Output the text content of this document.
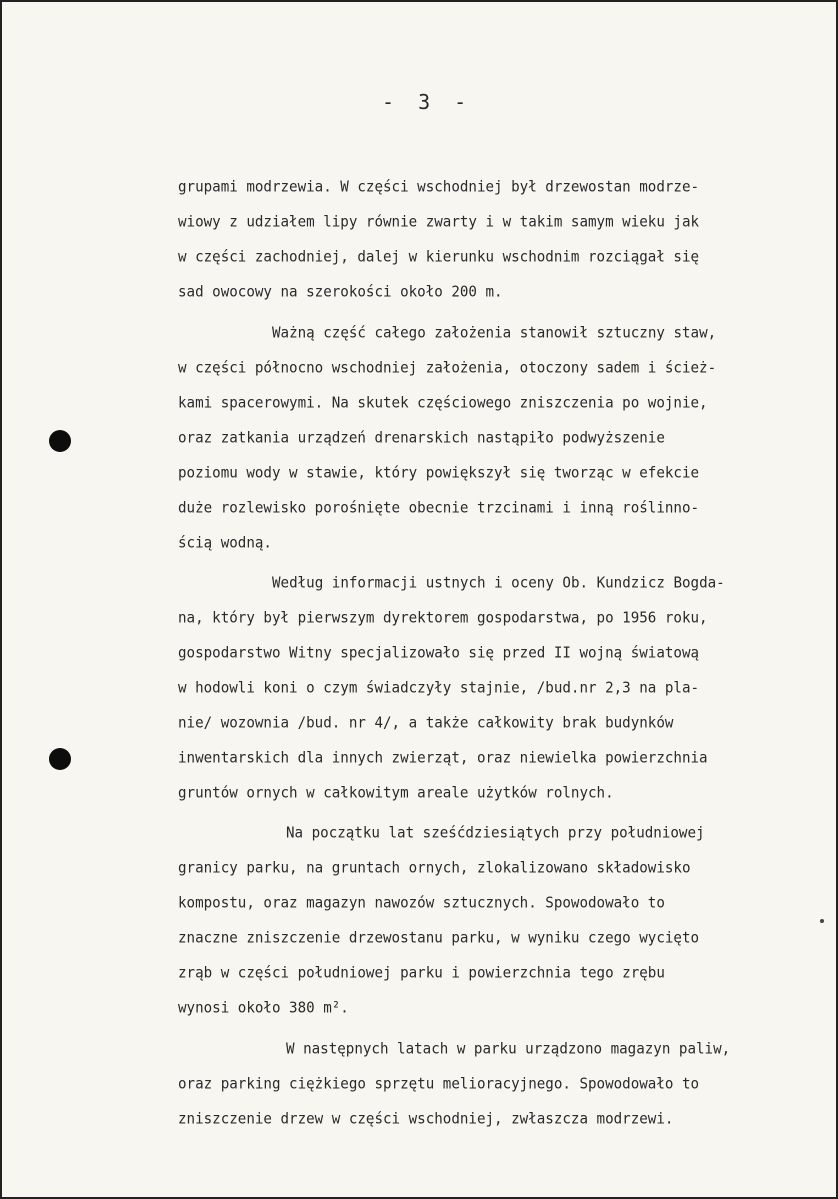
- 3 -
grupami modrzewia. W części wschodniej był drzewostan modrze-
wiowy z udziałem lipy równie zwarty i w takim samym wieku jak
w części zachodniej, dalej w kierunku wschodnim rozciągał się
sad owocowy na szerokości około 200 m.
Ważną część całego założenia stanowił sztuczny staw,
w części północno wschodniej założenia, otoczony sadem i ścież-
kami spacerowymi. Na skutek częściowego zniszczenia po wojnie,
oraz zatkania urządzeń drenarskich nastąpiło podwyższenie
poziomu wody w stawie, który powiększył się tworząc w efekcie
duże rozlewisko porośnięte obecnie trzcinami i inną roślinno-
ścią wodną.
Według informacji ustnych i oceny Ob. Kundzicz Bogda-
na, który był pierwszym dyrektorem gospodarstwa, po 1956 roku,
gospodarstwo Witny specjalizowało się przed II wojną światową
w hodowli koni o czym świadczyły stajnie, /bud.nr 2,3 na pla-
nie/ wozownia /bud. nr 4/, a także całkowity brak budynków
inwentarskich dla innych zwierząt, oraz niewielka powierzchnia
gruntów ornych w całkowitym areale użytków rolnych.
Na początku lat sześćdziesiątych przy południowej
granicy parku, na gruntach ornych, zlokalizowano składowisko
kompostu, oraz magazyn nawozów sztucznych. Spowodowało to
znaczne zniszczenie drzewostanu parku, w wyniku czego wycięto
zrąb w części południowej parku i powierzchnia tego zrębu
wynosi około 380 m².
W następnych latach w parku urządzono magazyn paliw,
oraz parking ciężkiego sprzętu melioracyjnego. Spowodowało to
zniszczenie drzew w części wschodniej, zwłaszcza modrzewi.
